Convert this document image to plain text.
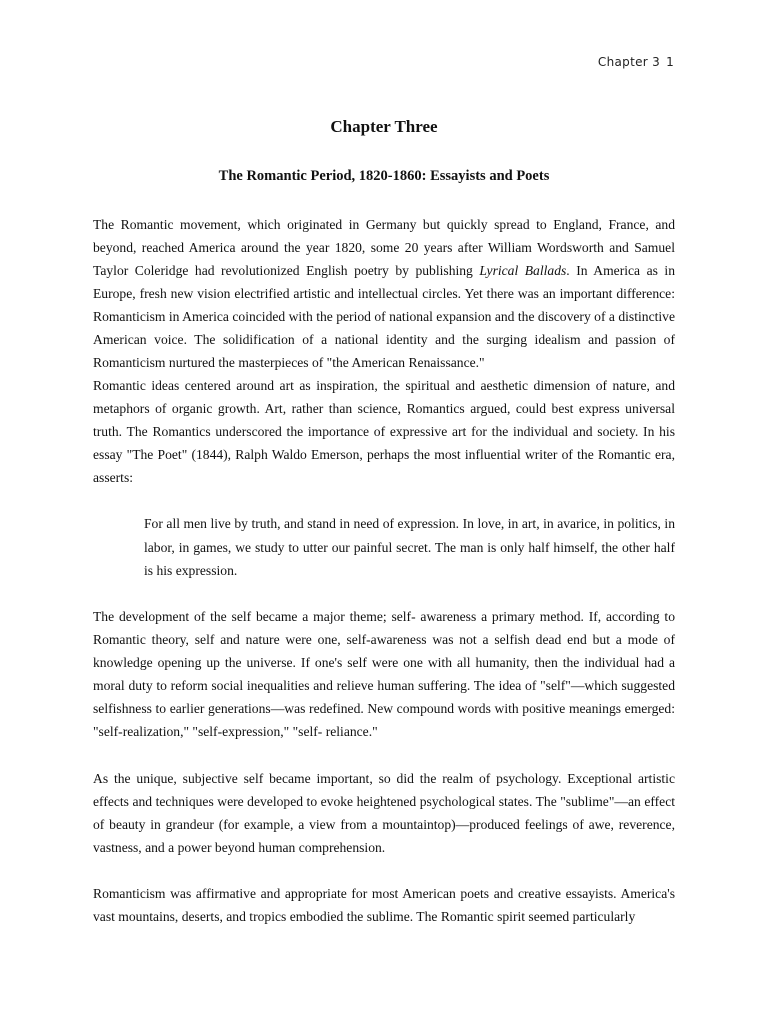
Chapter 3 1
Chapter Three
The Romantic Period, 1820-1860: Essayists and Poets

The Romantic movement, which originated in Germany but quickly spread to England, France, and beyond, reached America around the year 1820, some 20 years after William Wordsworth and Samuel Taylor Coleridge had revolutionized English poetry by publishing Lyrical Ballads. In America as in Europe, fresh new vision electrified artistic and intellectual circles. Yet there was an important difference: Romanticism in America coincided with the period of national expansion and the discovery of a distinctive American voice. The solidification of a national identity and the surging idealism and passion of Romanticism nurtured the masterpieces of "the American Renaissance."

Romantic ideas centered around art as inspiration, the spiritual and aesthetic dimension of nature, and metaphors of organic growth. Art, rather than science, Romantics argued, could best express universal truth. The Romantics underscored the importance of expressive art for the individual and society. In his essay "The Poet" (1844), Ralph Waldo Emerson, perhaps the most influential writer of the Romantic era, asserts:

For all men live by truth, and stand in need of expression. In love, in art, in avarice, in politics, in labor, in games, we study to utter our painful secret. The man is only half himself, the other half is his expression.
The development of the self became a major theme; self- awareness a primary method. If, according to Romantic theory, self and nature were one, self-awareness was not a selfish dead end but a mode of knowledge opening up the universe. If one's self were one with all humanity, then the individual had a moral duty to reform social inequalities and relieve human suffering. The idea of "self"—which suggested selfishness to earlier generations—was redefined. New compound words with positive meanings emerged: "self-realization," "self-expression," "self- reliance."
As the unique, subjective self became important, so did the realm of psychology. Exceptional artistic effects and techniques were developed to evoke heightened psychological states. The "sublime"—an effect of beauty in grandeur (for example, a view from a mountaintop)—produced feelings of awe, reverence, vastness, and a power beyond human comprehension.
Romanticism was affirmative and appropriate for most American poets and creative essayists. America's vast mountains, deserts, and tropics embodied the sublime. The Romantic spirit seemed particularly
